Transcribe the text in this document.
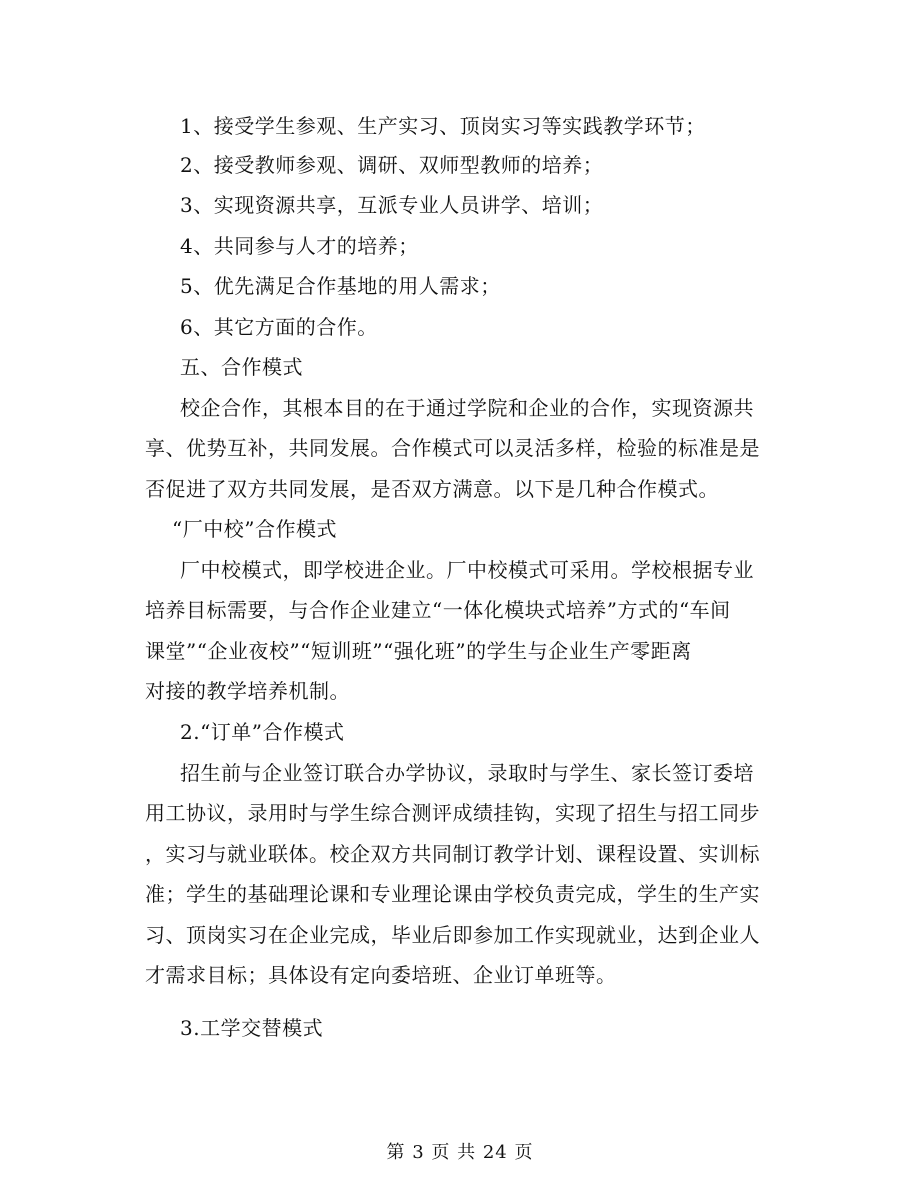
1、接受学生参观、生产实习、顶岗实习等实践教学环节；
2、接受教师参观、调研、双师型教师的培养；
3、实现资源共享，互派专业人员讲学、培训；
4、共同参与人才的培养；
5、优先满足合作基地的用人需求；
6、其它方面的合作。
五、合作模式
校企合作，其根本目的在于通过学院和企业的合作，实现资源共
享、优势互补，共同发展。合作模式可以灵活多样，检验的标准是是
否促进了双方共同发展，是否双方满意。以下是几种合作模式。
“厂中校”合作模式
厂中校模式，即学校进企业。厂中校模式可采用。学校根据专业
培养目标需要，与合作企业建立“一体化模块式培养”方式的“车间
课堂”“企业夜校”“短训班”“强化班”的学生与企业生产零距离
对接的教学培养机制。
2.“订单”合作模式
招生前与企业签订联合办学协议，录取时与学生、家长签订委培
用工协议，录用时与学生综合测评成绩挂钩，实现了招生与招工同步
，实习与就业联体。校企双方共同制订教学计划、课程设置、实训标
准；学生的基础理论课和专业理论课由学校负责完成，学生的生产实
习、顶岗实习在企业完成，毕业后即参加工作实现就业，达到企业人
才需求目标；具体设有定向委培班、企业订单班等。
3.工学交替模式
第 3 页 共 24 页
